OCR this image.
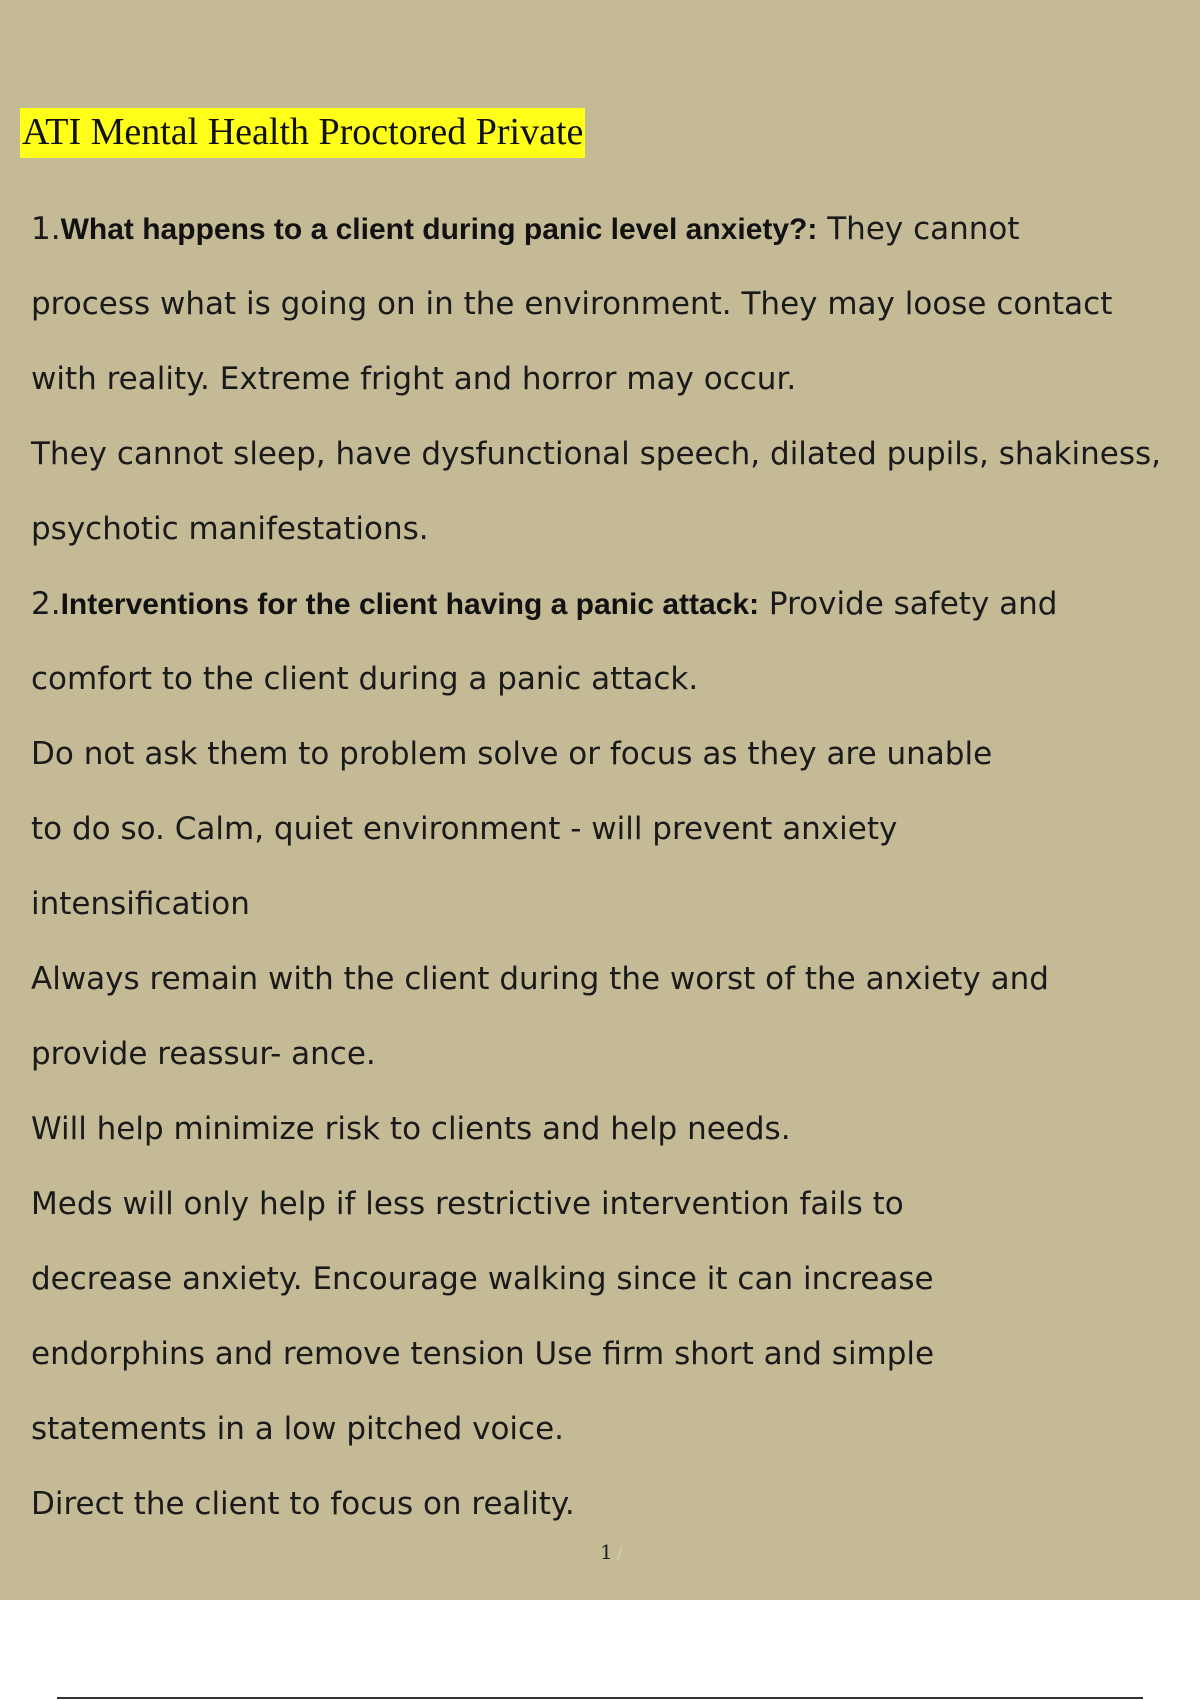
ATI Mental Health Proctored Private
1.What happens to a client during panic level anxiety?: They cannot
process what is going on in the environment. They may loose contact
with reality. Extreme fright and horror may occur.
They cannot sleep, have dysfunctional speech, dilated pupils, shakiness,
psychotic manifestations.
2.Interventions for the client having a panic attack: Provide safety and
comfort to the client during a panic attack.
Do not ask them to problem solve or focus as they are unable
to do so. Calm, quiet environment - will prevent anxiety
intensification
Always remain with the client during the worst of the anxiety and
provide reassur- ance.
Will help minimize risk to clients and help needs.
Meds will only help if less restrictive intervention fails to
decrease anxiety. Encourage walking since it can increase
endorphins and remove tension Use firm short and simple
statements in a low pitched voice.
Direct the client to focus on reality.
1 /
